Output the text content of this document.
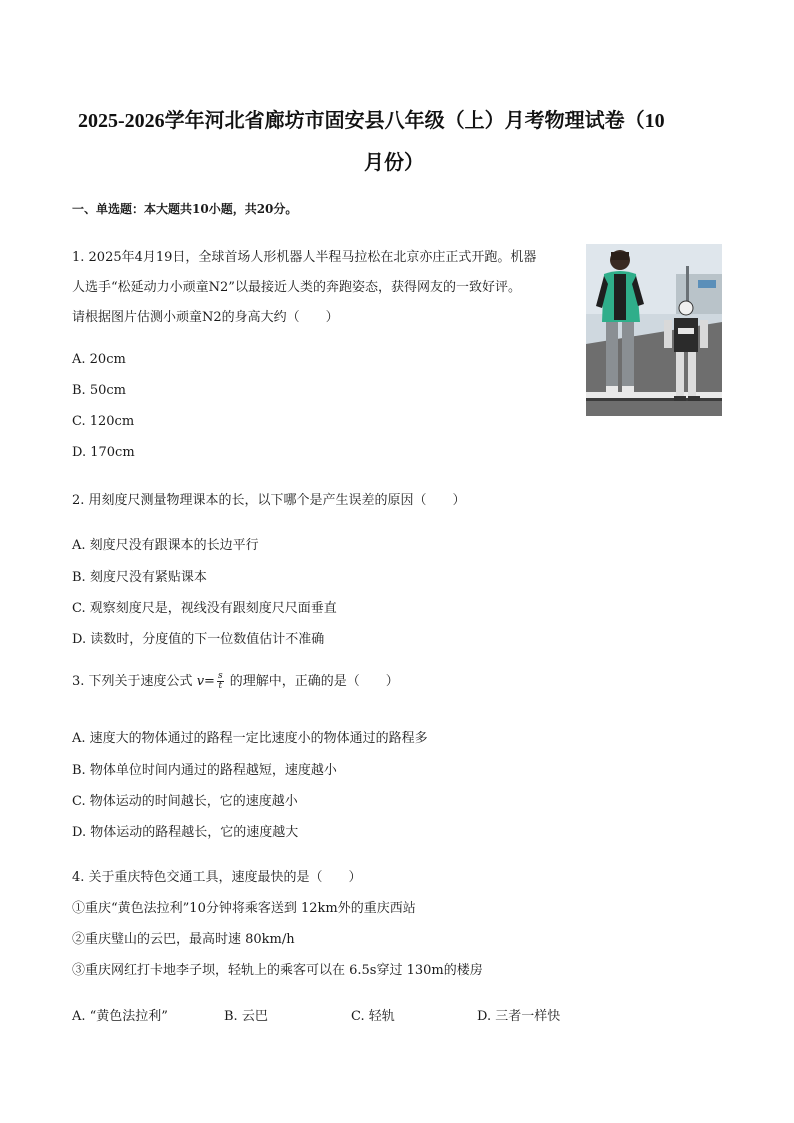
2025-2026学年河北省廊坊市固安县八年级（上）月考物理试卷（10
月份）
一、单选题：本大题共10小题，共20分。
1. 2025年4月19日，全球首场人形机器人半程马拉松在北京亦庄正式开跑。机器
人选手“松延动力小顽童N2”以最接近人类的奔跑姿态，获得网友的一致好评。
请根据图片估测小顽童N2的身高大约（　　）
A. 20cm
B. 50cm
C. 120cm
D. 170cm
2. 用刻度尺测量物理课本的长，以下哪个是产生误差的原因（　　）
A. 刻度尺没有跟课本的长边平行
B. 刻度尺没有紧贴课本
C. 观察刻度尺是，视线没有跟刻度尺尺面垂直
D. 读数时，分度值的下一位数值估计不准确
3. 下列关于速度公式 $v= \frac{s}{t}$ 的理解中，正确的是（　　）
A. 速度大的物体通过的路程一定比速度小的物体通过的路程多
B. 物体单位时间内通过的路程越短，速度越小
C. 物体运动的时间越长，它的速度越小
D. 物体运动的路程越长，它的速度越大
4. 关于重庆特色交通工具，速度最快的是（　　）
①重庆“黄色法拉利”10分钟将乘客送到 12km外的重庆西站
②重庆璧山的云巴，最高时速 80km/h
③重庆网红打卡地李子坝，轻轨上的乘客可以在 6.5s穿过 130m的楼房
A. “黄色法拉利”	B. 云巴	C. 轻轨	D. 三者一样快
